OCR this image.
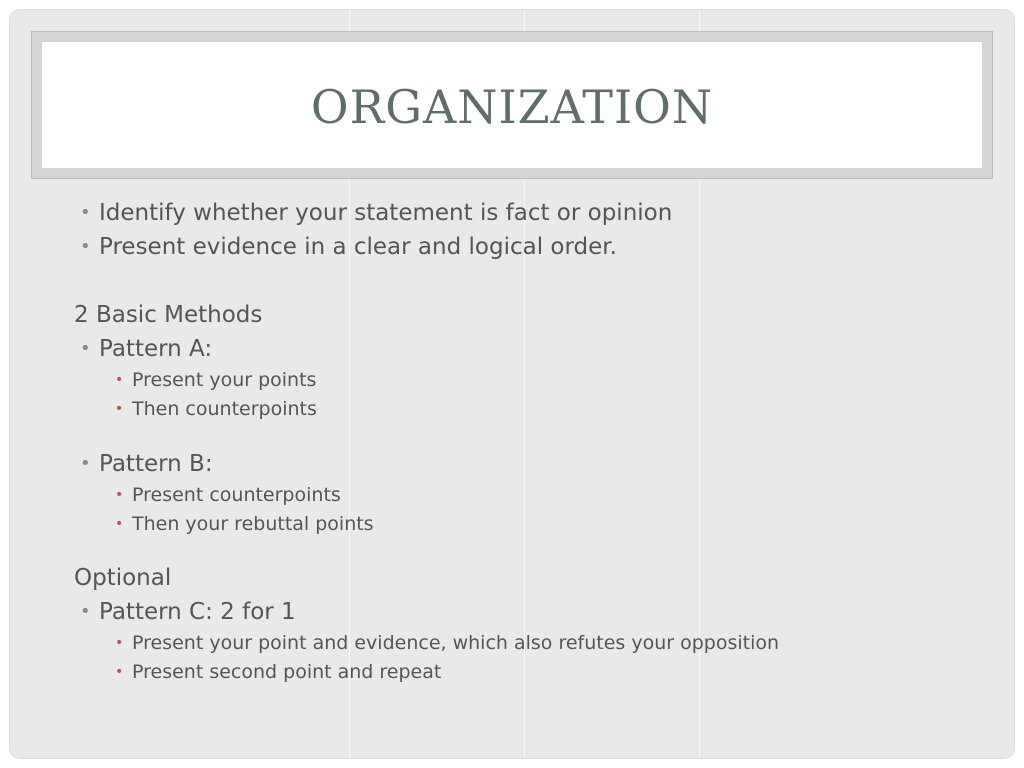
ORGANIZATION
• Identify whether your statement is fact or opinion
• Present evidence in a clear and logical order.
2 Basic Methods
• Pattern A:
• Present your points
• Then counterpoints
• Pattern B:
• Present counterpoints
• Then your rebuttal points
Optional
• Pattern C: 2 for 1
• Present your point and evidence, which also refutes your opposition
• Present second point and repeat
